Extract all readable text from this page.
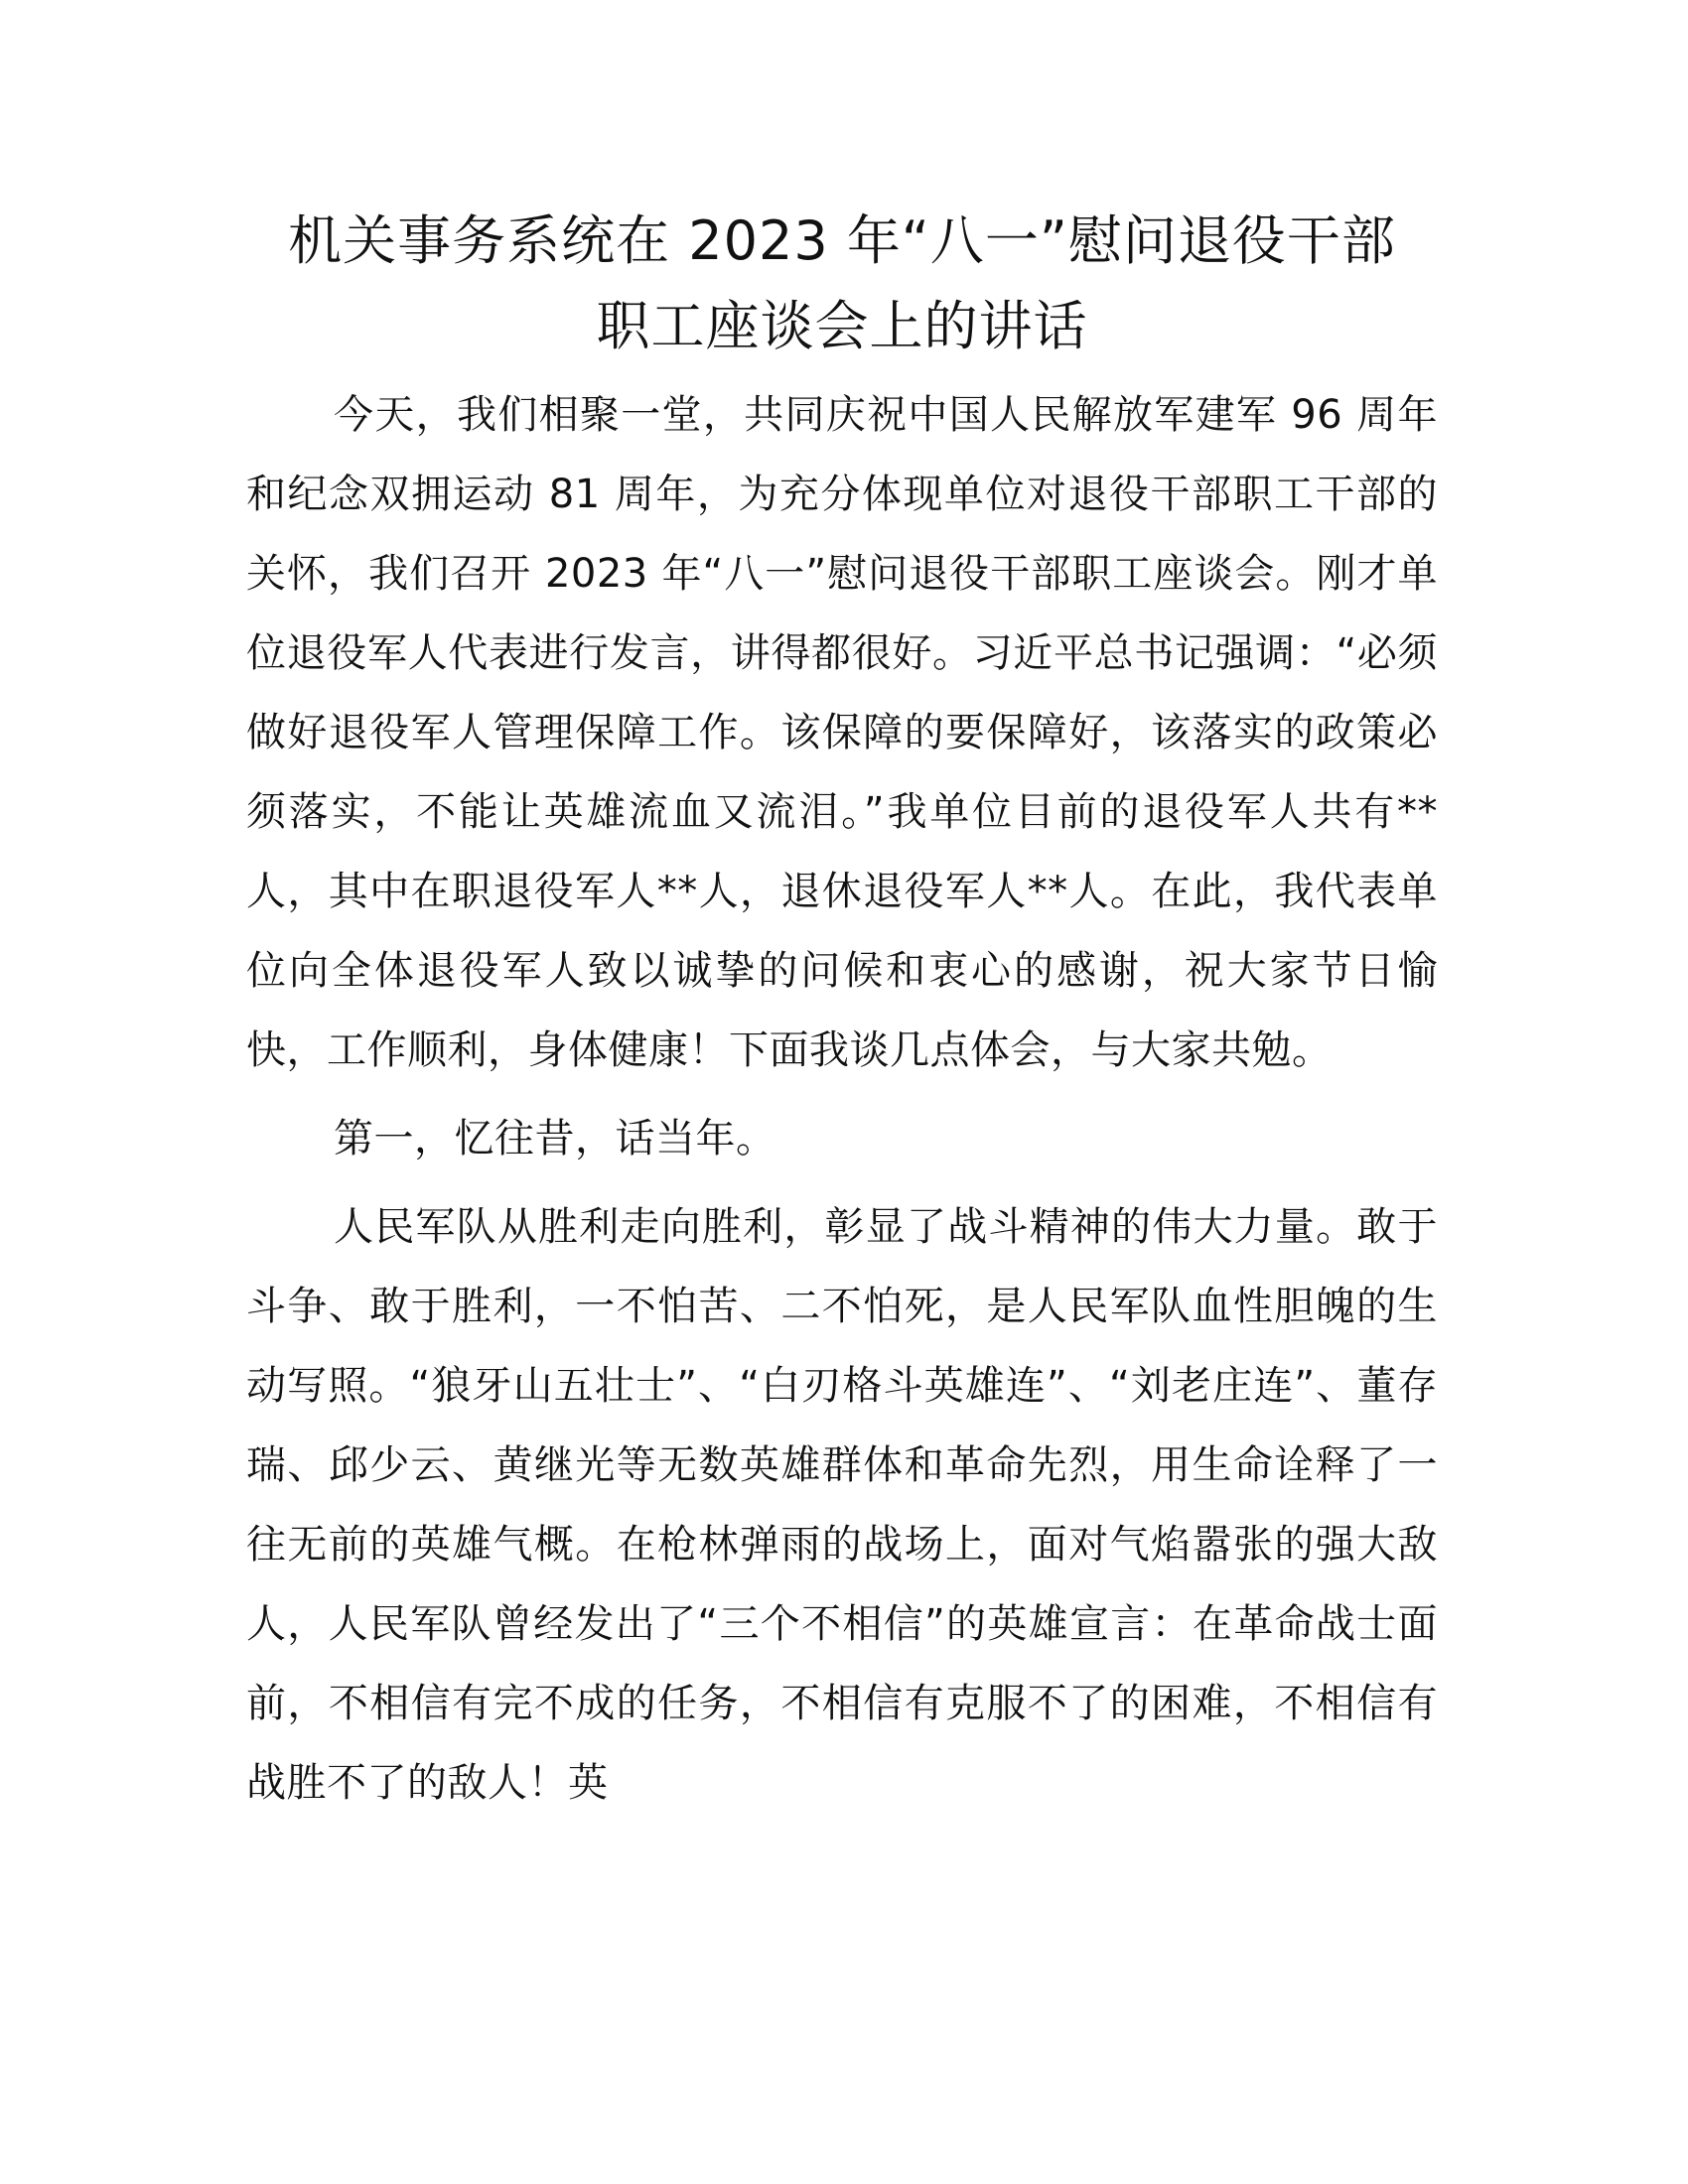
机关事务系统在 2023 年“八一”慰问退役干部
职工座谈会上的讲话

今天，我们相聚一堂，共同庆祝中国人民解放军建军 96 周年和纪念双拥运动 81 周年，为充分体现单位对退役干部职工干部的关怀，我们召开 2023 年“八一”慰问退役干部职工座谈会。刚才单位退役军人代表进行发言，讲得都很好。习近平总书记强调：“必须做好退役军人管理保障工作。该保障的要保障好，该落实的政策必须落实，不能让英雄流血又流泪。”我单位目前的退役军人共有**人，其中在职退役军人**人，退休退役军人**人。在此，我代表单位向全体退役军人致以诚挚的问候和衷心的感谢，祝大家节日愉快，工作顺利，身体健康！下面我谈几点体会，与大家共勉。

第一，忆往昔，话当年。

人民军队从胜利走向胜利，彰显了战斗精神的伟大力量。敢于斗争、敢于胜利，一不怕苦、二不怕死，是人民军队血性胆魄的生动写照。“狼牙山五壮士”、“白刃格斗英雄连”、“刘老庄连”、董存瑞、邱少云、黄继光等无数英雄群体和革命先烈，用生命诠释了一往无前的英雄气概。在枪林弹雨的战场上，面对气焰嚣张的强大敌人，人民军队曾经发出了“三个不相信”的英雄宣言：在革命战士面前，不相信有完不成的任务，不相信有克服不了的困难，不相信有战胜不了的敌人！英
